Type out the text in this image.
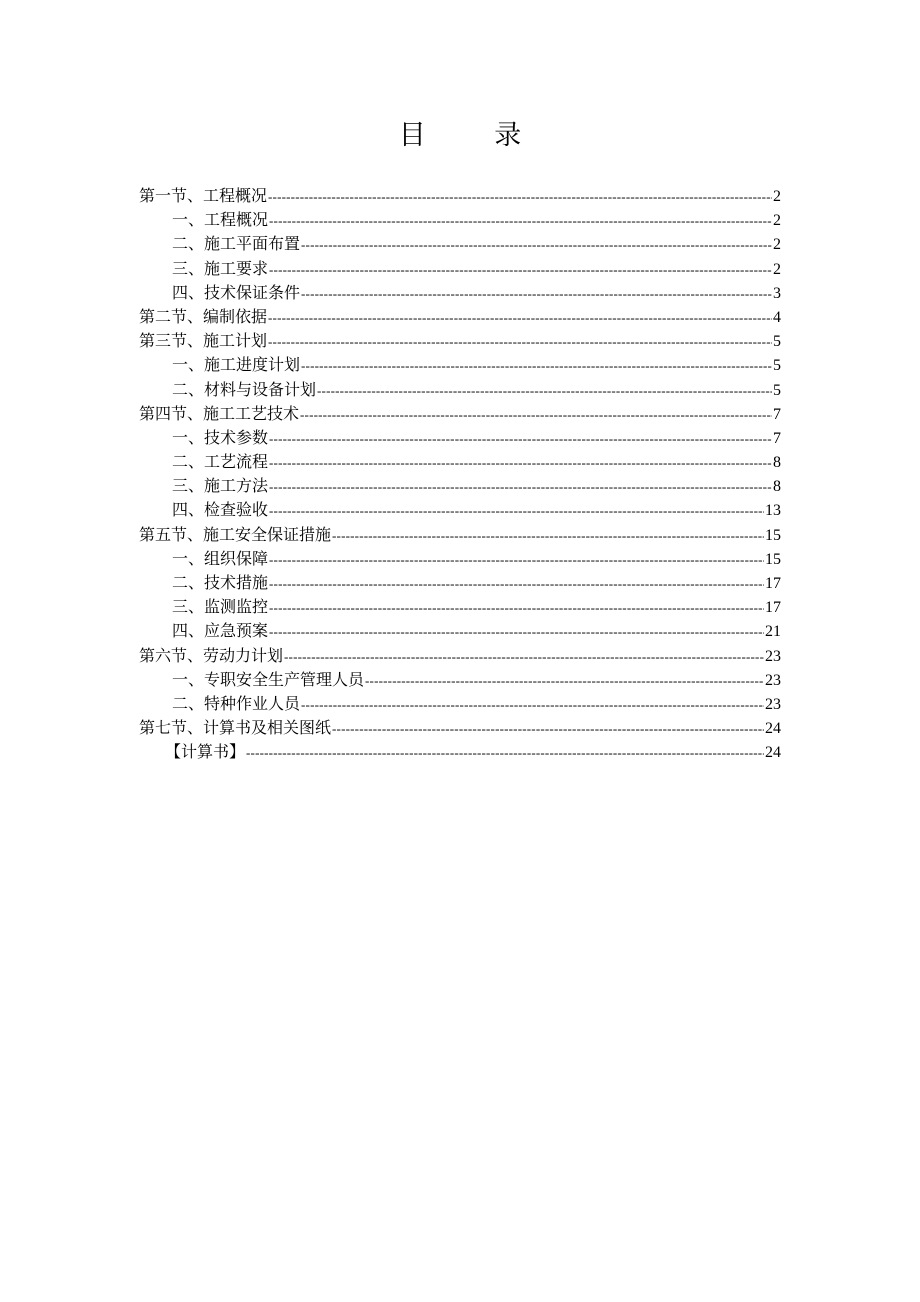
目 录
第一节、工程概况 -----	2
一、工程概况 -----	2
二、施工平面布置 -----	2
三、施工要求 -----	2
四、技术保证条件 -----	3
第二节、编制依据 -----	4
第三节、施工计划 -----	5
一、施工进度计划 -----	5
二、材料与设备计划 -----	5
第四节、施工工艺技术 -----	7
一、技术参数 -----	7
二、工艺流程 -----	8
三、施工方法 -----	8
四、检查验收 -----	13
第五节、施工安全保证措施 -----	15
一、组织保障 -----	15
二、技术措施 -----	17
三、监测监控 -----	17
四、应急预案 -----	21
第六节、劳动力计划 -----	23
一、专职安全生产管理人员 -----	23
二、特种作业人员 -----	23
第七节、计算书及相关图纸 -----	24
【计算书】 -----	24
